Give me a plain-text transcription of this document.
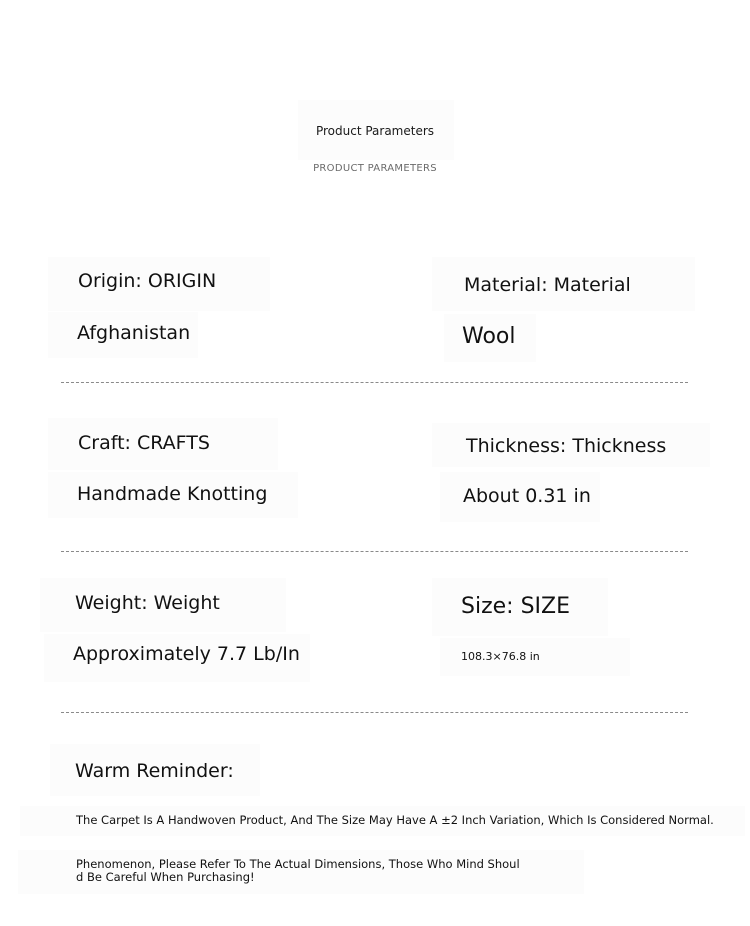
Product Parameters
PRODUCT PARAMETERS
Origin: ORIGIN
Afghanistan
Material: Material
Wool
Craft: CRAFTS
Handmade Knotting
Thickness: Thickness
About 0.31 in
Weight: Weight
Approximately 7.7 Lb/In
Size: SIZE
108.3×76.8 in
Warm Reminder:
The Carpet Is A Handwoven Product, And The Size May Have A ±2 Inch Variation, Which Is Considered Normal.
Phenomenon, Please Refer To The Actual Dimensions, Those Who Mind Shoul
d Be Careful When Purchasing!
